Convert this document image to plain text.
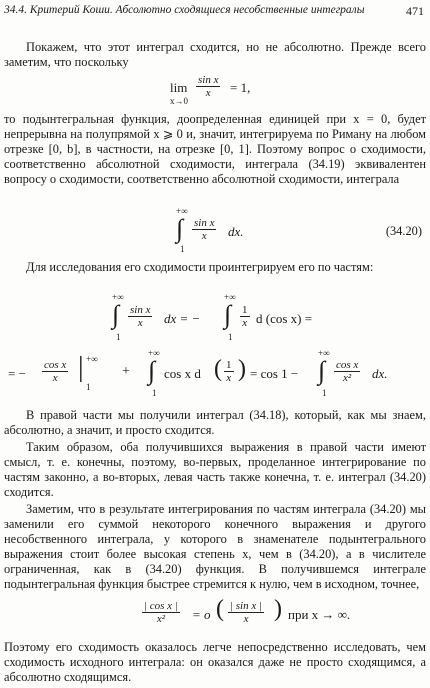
34.4. Критерий Коши. Абсолютно сходящиеся несобственные интегралы	471
Покажем, что этот интеграл сходится, но не абсолютно. Прежде всего заметим, что поскольку
lim
x→0
$\frac{\text{sin x}}{x} = 1$,
то подынтегральная функция, доопределенная единицей при x = 0, будет непрерывна на полупрямой x ⩾ 0 и, значит, интегрируема по Риману на любом отрезке [0, b], в частности, на отрезке [0, 1]. Поэтому вопрос о сходимости, соответственно абсолютной сходимости, интеграла (34.19) эквивалентен вопросу о сходимости, соответственно абсолютной сходимости, интеграла
+∞
∫
1
$\frac{\text{sin x}}{x}$ dx.	(34.20)
Для исследования его сходимости проинтегрируем его по частям:
+∞
∫
1
$\frac{\text{sin x}}{x}$ dx = −
+∞
∫
1
$\frac{1}{x}$ d (cos x) =
= − $\frac{\text{cos x}}{x}$ | +∞
1
+
+∞
∫
1
cos x d ( $\frac{1}{x}$ ) = cos 1 −
+∞
∫
1
$\frac{\text{cos x}}{\text{x²}}$ dx.
В правой части мы получили интеграл (34.18), который, как мы знаем, абсолютно, а значит, и просто сходится.
Таким образом, оба получившихся выражения в правой части имеют смысл, т. е. конечны, поэтому, во-первых, проделанное интегрирование по частям законно, а во-вторых, левая часть также конечна, т. е. интеграл (34.20) сходится.
Заметим, что в результате интегрирования по частям интеграла (34.20) мы заменили его суммой некоторого конечного выражения и другого несобственного интеграла, у которого в знаменателе подынтегрального выражения стоит более высокая степень x, чем в (34.20), а в числителе ограниченная, как в (34.20) функция. В получившемся интеграле подынтегральная функция быстрее стремится к нулю, чем в исходном, точнее,
$\frac{\text{| cos x |}}{\text{x²}} = o$ ( $\frac{\text{| sin x |}}{x}$ ) при x → ∞.
Поэтому его сходимость оказалось легче непосредственно исследовать, чем сходимость исходного интеграла: он оказался даже не просто сходящимся, а абсолютно сходящимся.
